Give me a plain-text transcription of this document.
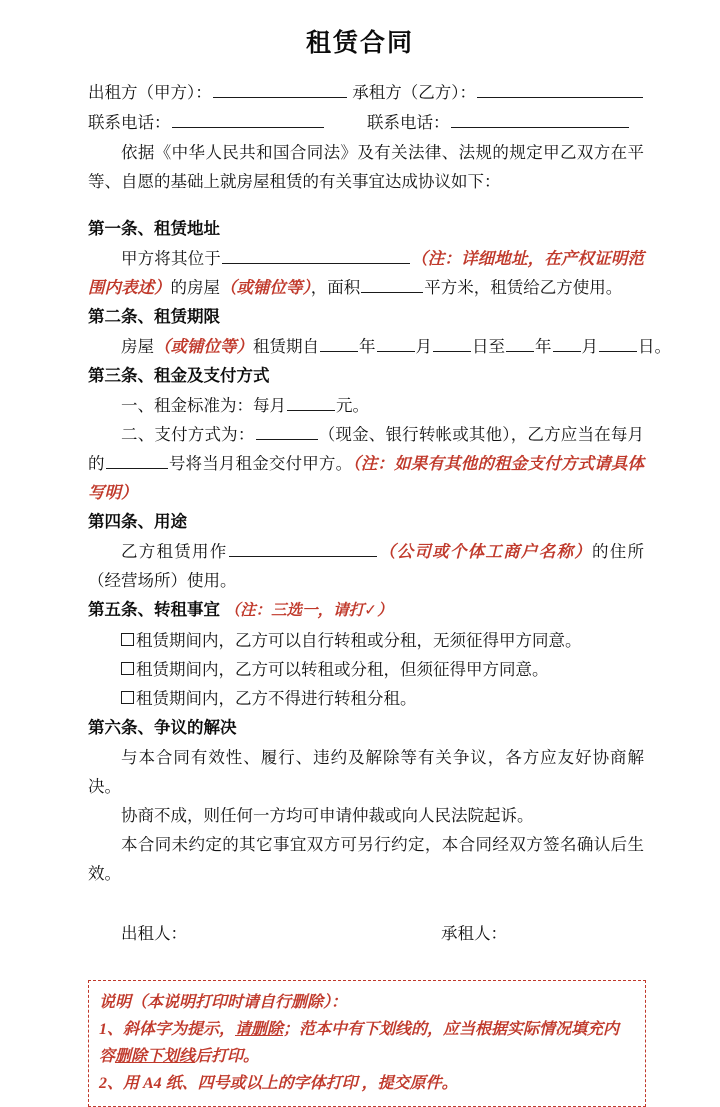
租赁合同
出租方（甲方）：	承租方（乙方）：
联系电话：	联系电话：
依据《中华人民共和国合同法》及有关法律、法规的规定甲乙双方在平等、自愿的基础上就房屋租赁的有关事宜达成协议如下：
第一条、租赁地址
甲方将其位于	（注：详细地址，在产权证明范围内表述）的房屋（或铺位等），面积	平方米，租赁给乙方使用。
第二条、租赁期限
房屋（或铺位等）租赁期自 年 月 日至 年 月 日。
第三条、租金及支付方式
一、租金标准为：每月	元。
二、支付方式为：	（现金、银行转帐或其他），乙方应当在每月的	号将当月租金交付甲方。（注：如果有其他的租金支付方式请具体写明）
第四条、用途
乙方租赁用作	（公司或个体工商户名称）的住所（经营场所）使用。
第五条、转租事宜 （注：三选一，请打✓）
租赁期间内，乙方可以自行转租或分租，无须征得甲方同意。
租赁期间内，乙方可以转租或分租，但须征得甲方同意。
租赁期间内，乙方不得进行转租分租。
第六条、争议的解决
与本合同有效性、履行、违约及解除等有关争议，各方应友好协商解决。
协商不成，则任何一方均可申请仲裁或向人民法院起诉。
本合同未约定的其它事宜双方可另行约定，本合同经双方签名确认后生效。
出租人：	承租人：
说明（本说明打印时请自行删除）：
1、斜体字为提示，请删除；范本中有下划线的，应当根据实际情况填充内容删除下划线后打印。
2、用 A4 纸、四号或以上的字体打印 ，提交原件。
